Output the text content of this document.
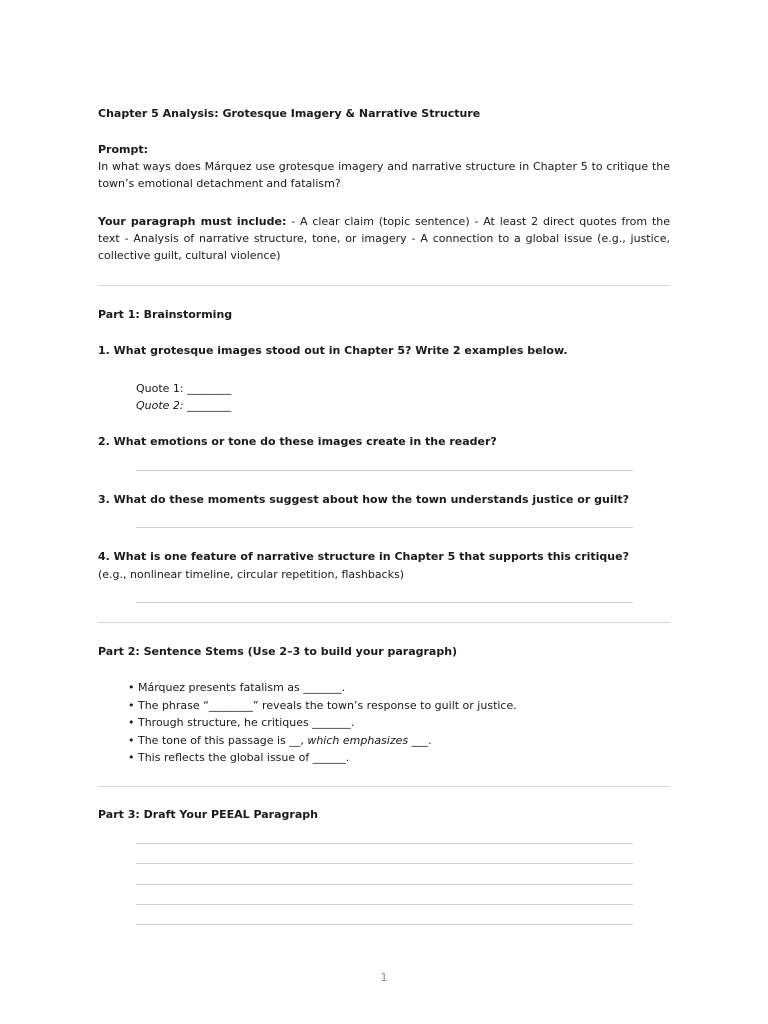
Chapter 5 Analysis: Grotesque Imagery & Narrative Structure
Prompt:
In what ways does Márquez use grotesque imagery and narrative structure in Chapter 5 to critique the town’s emotional detachment and fatalism?
Your paragraph must include: - A clear claim (topic sentence) - At least 2 direct quotes from the text - Analysis of narrative structure, tone, or imagery - A connection to a global issue (e.g., justice, collective guilt, cultural violence)
Part 1: Brainstorming
1. What grotesque images stood out in Chapter 5? Write 2 examples below.
Quote 1: ________
Quote 2: ________
2. What emotions or tone do these images create in the reader?
3. What do these moments suggest about how the town understands justice or guilt?
4. What is one feature of narrative structure in Chapter 5 that supports this critique?
(e.g., nonlinear timeline, circular repetition, flashbacks)
Part 2: Sentence Stems (Use 2–3 to build your paragraph)
• Márquez presents fatalism as _______.
• The phrase “________” reveals the town’s response to guilt or justice.
• Through structure, he critiques _______.
• The tone of this passage is __, which emphasizes ___.
• This reflects the global issue of ______.
Part 3: Draft Your PEEAL Paragraph
1
